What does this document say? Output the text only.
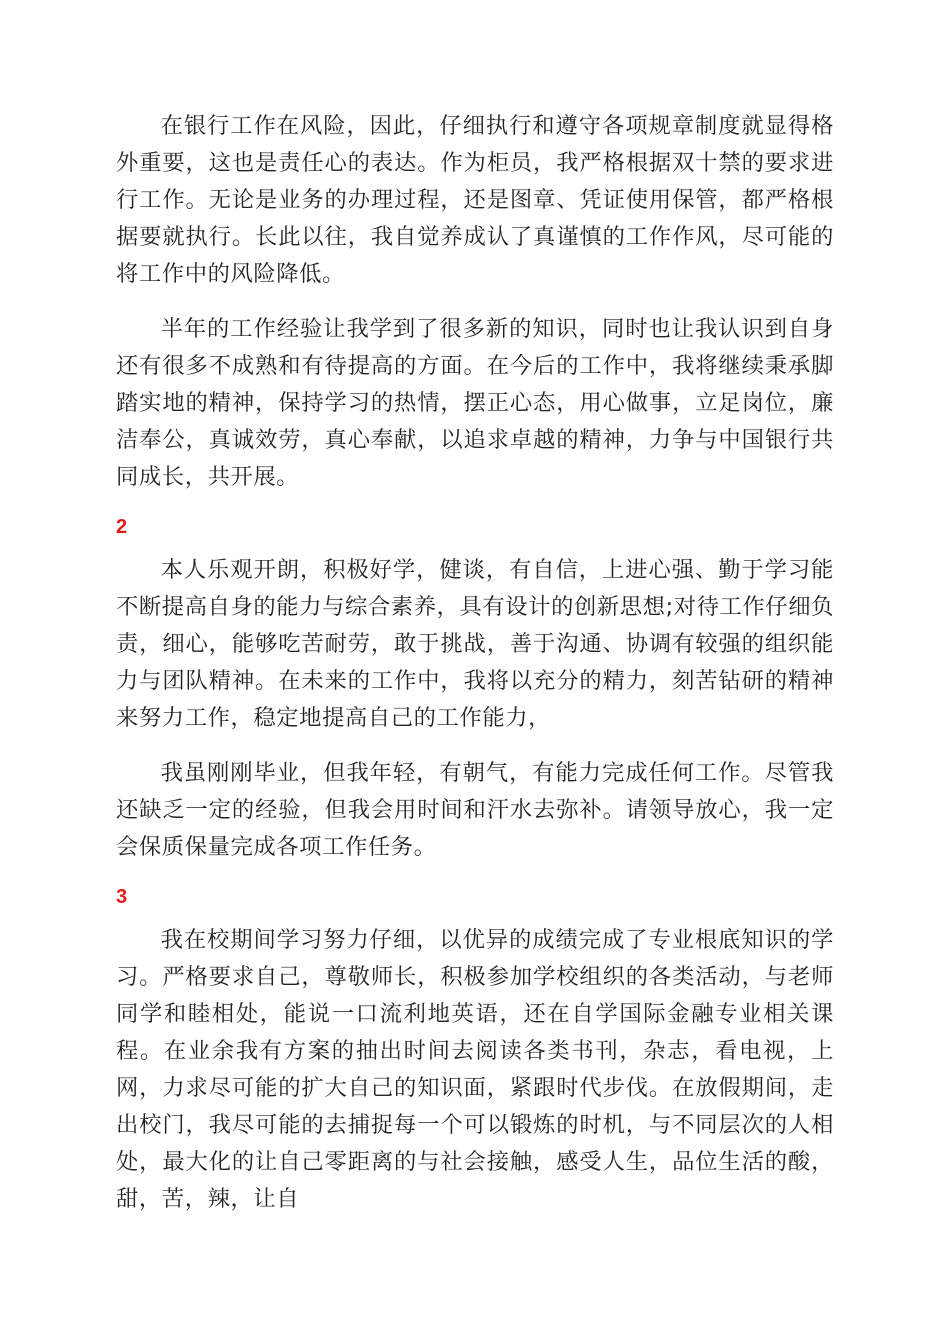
在银行工作在风险，因此，仔细执行和遵守各项规章制度就显得格外重要，这也是责任心的表达。作为柜员，我严格根据双十禁的要求进行工作。无论是业务的办理过程，还是图章、凭证使用保管，都严格根据要就执行。长此以往，我自觉养成认了真谨慎的工作作风，尽可能的将工作中的风险降低。

半年的工作经验让我学到了很多新的知识，同时也让我认识到自身还有很多不成熟和有待提高的方面。在今后的工作中，我将继续秉承脚踏实地的精神，保持学习的热情，摆正心态，用心做事，立足岗位，廉洁奉公，真诚效劳，真心奉献，以追求卓越的精神，力争与中国银行共同成长，共开展。

2

本人乐观开朗，积极好学，健谈，有自信，上进心强、勤于学习能不断提高自身的能力与综合素养，具有设计的创新思想;对待工作仔细负责，细心，能够吃苦耐劳，敢于挑战，善于沟通、协调有较强的组织能力与团队精神。在未来的工作中，我将以充分的精力，刻苦钻研的精神来努力工作，稳定地提高自己的工作能力，

我虽刚刚毕业，但我年轻，有朝气，有能力完成任何工作。尽管我还缺乏一定的经验，但我会用时间和汗水去弥补。请领导放心，我一定会保质保量完成各项工作任务。

3

我在校期间学习努力仔细，以优异的成绩完成了专业根底知识的学习。严格要求自己，尊敬师长，积极参加学校组织的各类活动，与老师同学和睦相处，能说一口流利地英语，还在自学国际金融专业相关课程。在业余我有方案的抽出时间去阅读各类书刊，杂志，看电视，上网，力求尽可能的扩大自己的知识面，紧跟时代步伐。在放假期间，走出校门，我尽可能的去捕捉每一个可以锻炼的时机，与不同层次的人相处，最大化的让自己零距离的与社会接触，感受人生，品位生活的酸，甜，苦，辣，让自
